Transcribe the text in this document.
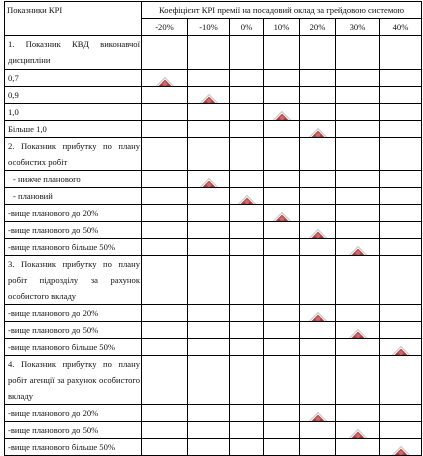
Показники КРІ	Коефіцієнт КРІ премії на посадовий оклад за грейдовою системою						
	-20%	-10%	0%	10%	20%	30%	40%
1. Показник КВД виконавчої дисципліни							
0,7	

0,9		

1,0				

Більше 1,0					

2. Показник прибутку по плану особистих робіт							
- нижче планового		

- плановий			

-вище планового до 20%				

-вище планового до 50%					

-вище планового більше 50%						

3. Показник прибутку по плану робіт підрозділу за рахунок особистого вкладу							
-вище планового до 20%					

-вище планового до 50%						

-вище планового більше 50%							

4. Показник прибутку по плану робіт агенції за рахунок особистого вкладу							
-вище планового до 20%					

-вище планового до 50%						

-вище планового більше 50%							
